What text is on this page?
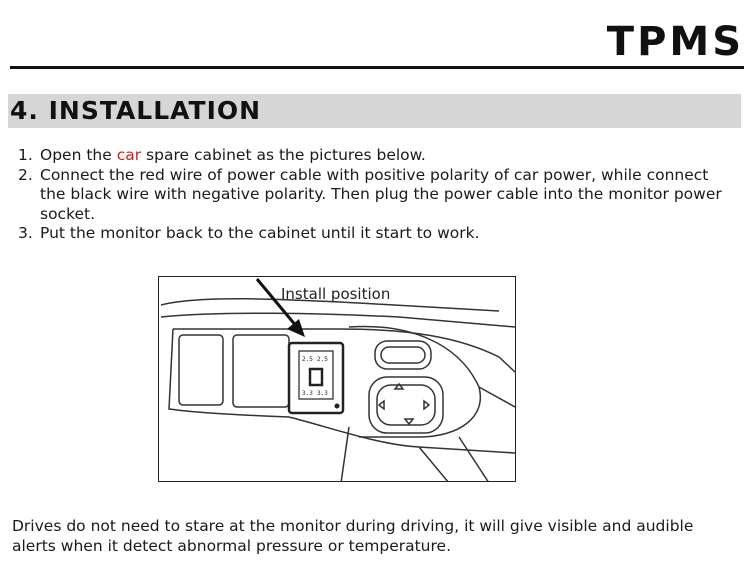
TPMS
4. INSTALLATION
1. Open the car spare cabinet as the pictures below.
2. Connect the red wire of power cable with positive polarity of car power, while connect the black wire with negative polarity. Then plug the power cable into the monitor power socket.
3. Put the monitor back to the cabinet until it start to work.
2.5 2.5
3.3 3.3
Install position
Drives do not need to stare at the monitor during driving, it will give visible and audible alerts when it detect abnormal pressure or temperature.
